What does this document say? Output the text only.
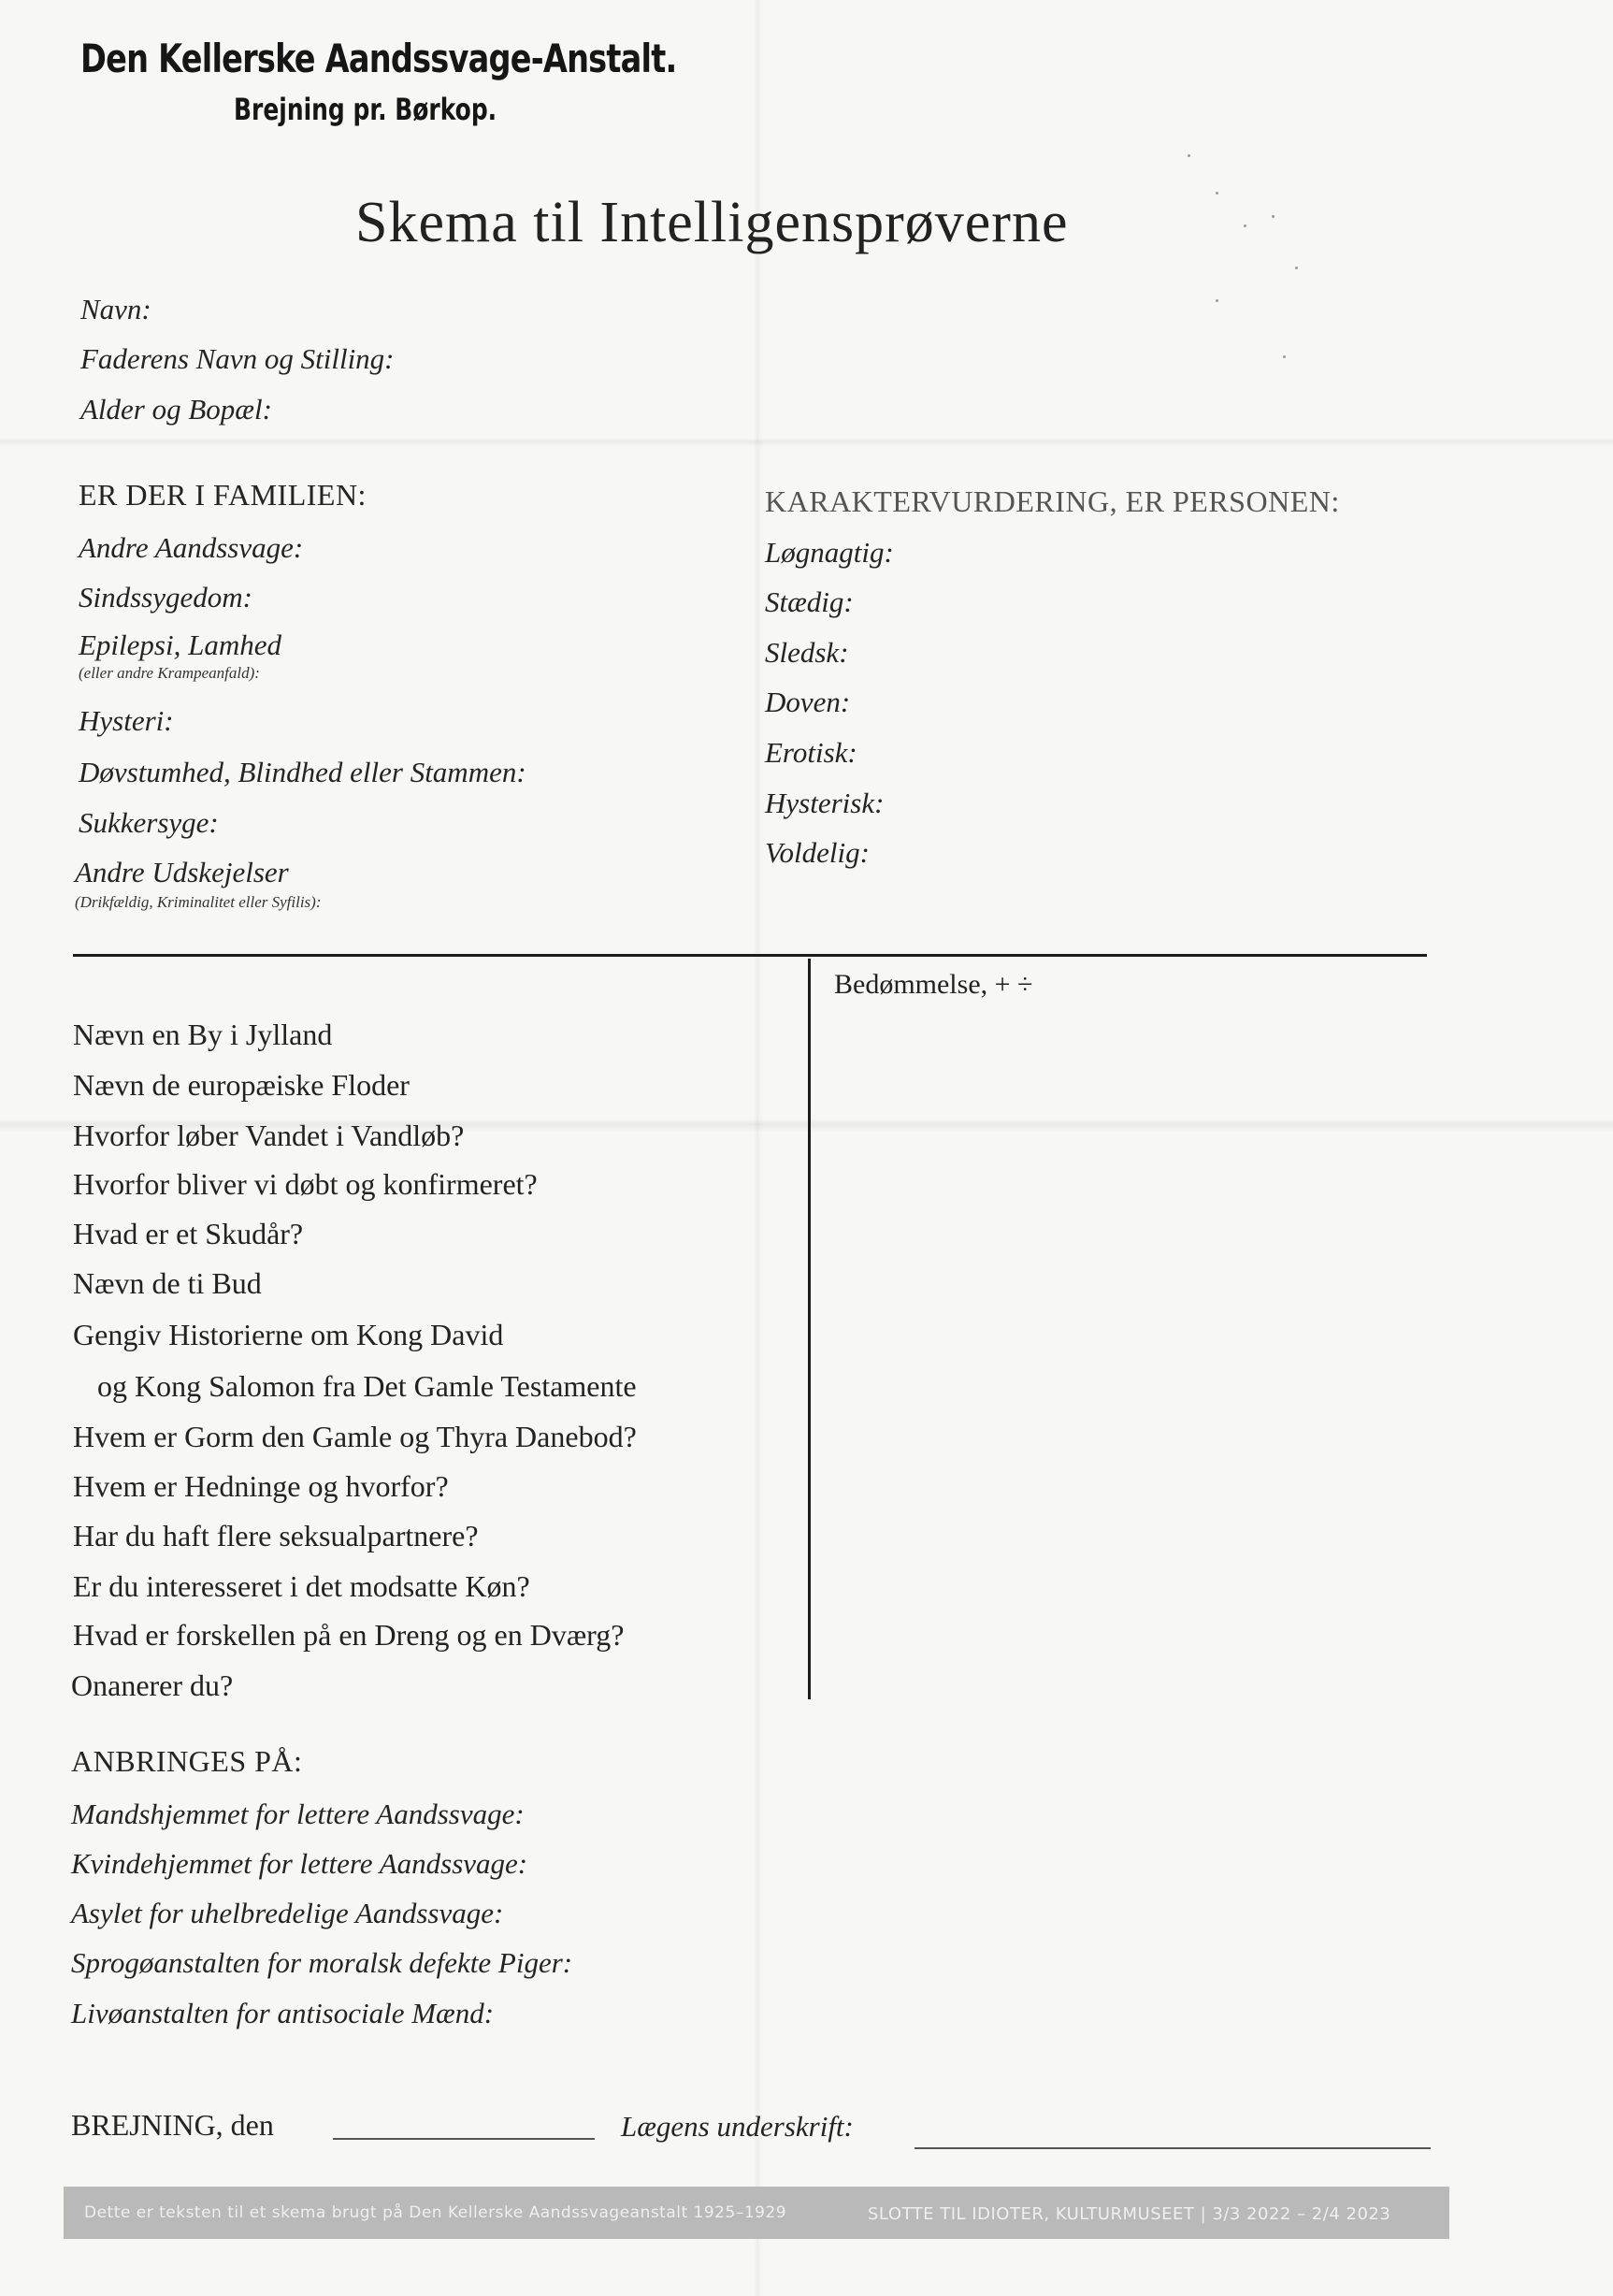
Den Kellerske Aandssvage-Anstalt.
Brejning pr. Børkop.
Skema til Intelligensprøverne
Navn:
Faderens Navn og Stilling:
Alder og Bopæl:
ER DER I FAMILIEN:
Andre Aandssvage:
Sindssygedom:
Epilepsi, Lamhed
(eller andre Krampeanfald):
Hysteri:
Døvstumhed, Blindhed eller Stammen:
Sukkersyge:
Andre Udskejelser
(Drikfældig, Kriminalitet eller Syfilis):
KARAKTERVURDERING, ER PERSONEN:
Løgnagtig:
Stædig:
Sledsk:
Doven:
Erotisk:
Hysterisk:
Voldelig:
Bedømmelse, + ÷
Nævn en By i Jylland
Nævn de europæiske Floder
Hvorfor løber Vandet i Vandløb?
Hvorfor bliver vi døbt og konfirmeret?
Hvad er et Skudår?
Nævn de ti Bud
Gengiv Historierne om Kong David
og Kong Salomon fra Det Gamle Testamente
Hvem er Gorm den Gamle og Thyra Danebod?
Hvem er Hedninge og hvorfor?
Har du haft flere seksualpartnere?
Er du interesseret i det modsatte Køn?
Hvad er forskellen på en Dreng og en Dværg?
Onanerer du?
ANBRINGES PÅ:
Mandshjemmet for lettere Aandssvage:
Kvindehjemmet for lettere Aandssvage:
Asylet for uhelbredelige Aandssvage:
Sprogøanstalten for moralsk defekte Piger:
Livøanstalten for antisociale Mænd:
BREJNING, den	Lægens underskrift:
Dette er teksten til et skema brugt på Den Kellerske Aandssvageanstalt 1925–1929	SLOTTE TIL IDIOTER, KULTURMUSEET | 3/3 2022 – 2/4 2023
